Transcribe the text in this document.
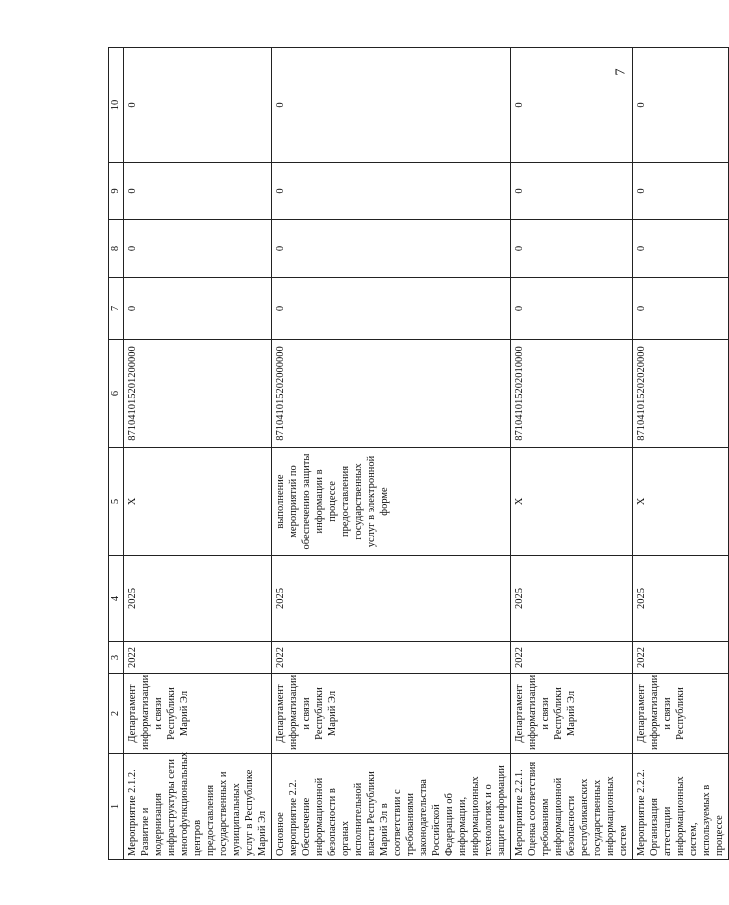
7
1	2	3	4	5	6	7	8	9	10
Мероприятие 2.1.2. Развитие и модернизация инфраструктуры сети многофункциональных центров предоставления государственных и муниципальных услуг в Республике Марий Эл	Департамент информатизации и связи Республики Марий Эл	2022	2025	X	871041015201200000	0	0	0	0
Основное мероприятие 2.2. Обеспечение информационной безопасности в органах исполнительной власти Республики Марий Эл в соответствии с требованиями законодательства Российской Федерации об информации, информационных технологиях и о защите информации	Департамент информатизации и связи Республики Марий Эл	2022	2025	выполнение мероприятий по обеспечению защиты информации в процессе предоставления государственных услуг в электронной форме	871041015202000000	0	0	0	0
Мероприятие 2.2.1. Оценка соответствия требованиям информационной безопасности республиканских государственных информационных систем	Департамент информатизации и связи Республики Марий Эл	2022	2025	X	871041015202010000	0	0	0	0
Мероприятие 2.2.2. Организация аттестации информационных систем, используемых в процессе	Департамент информатизации и связи Республики	2022	2025	X	871041015202020000	0	0	0	0
